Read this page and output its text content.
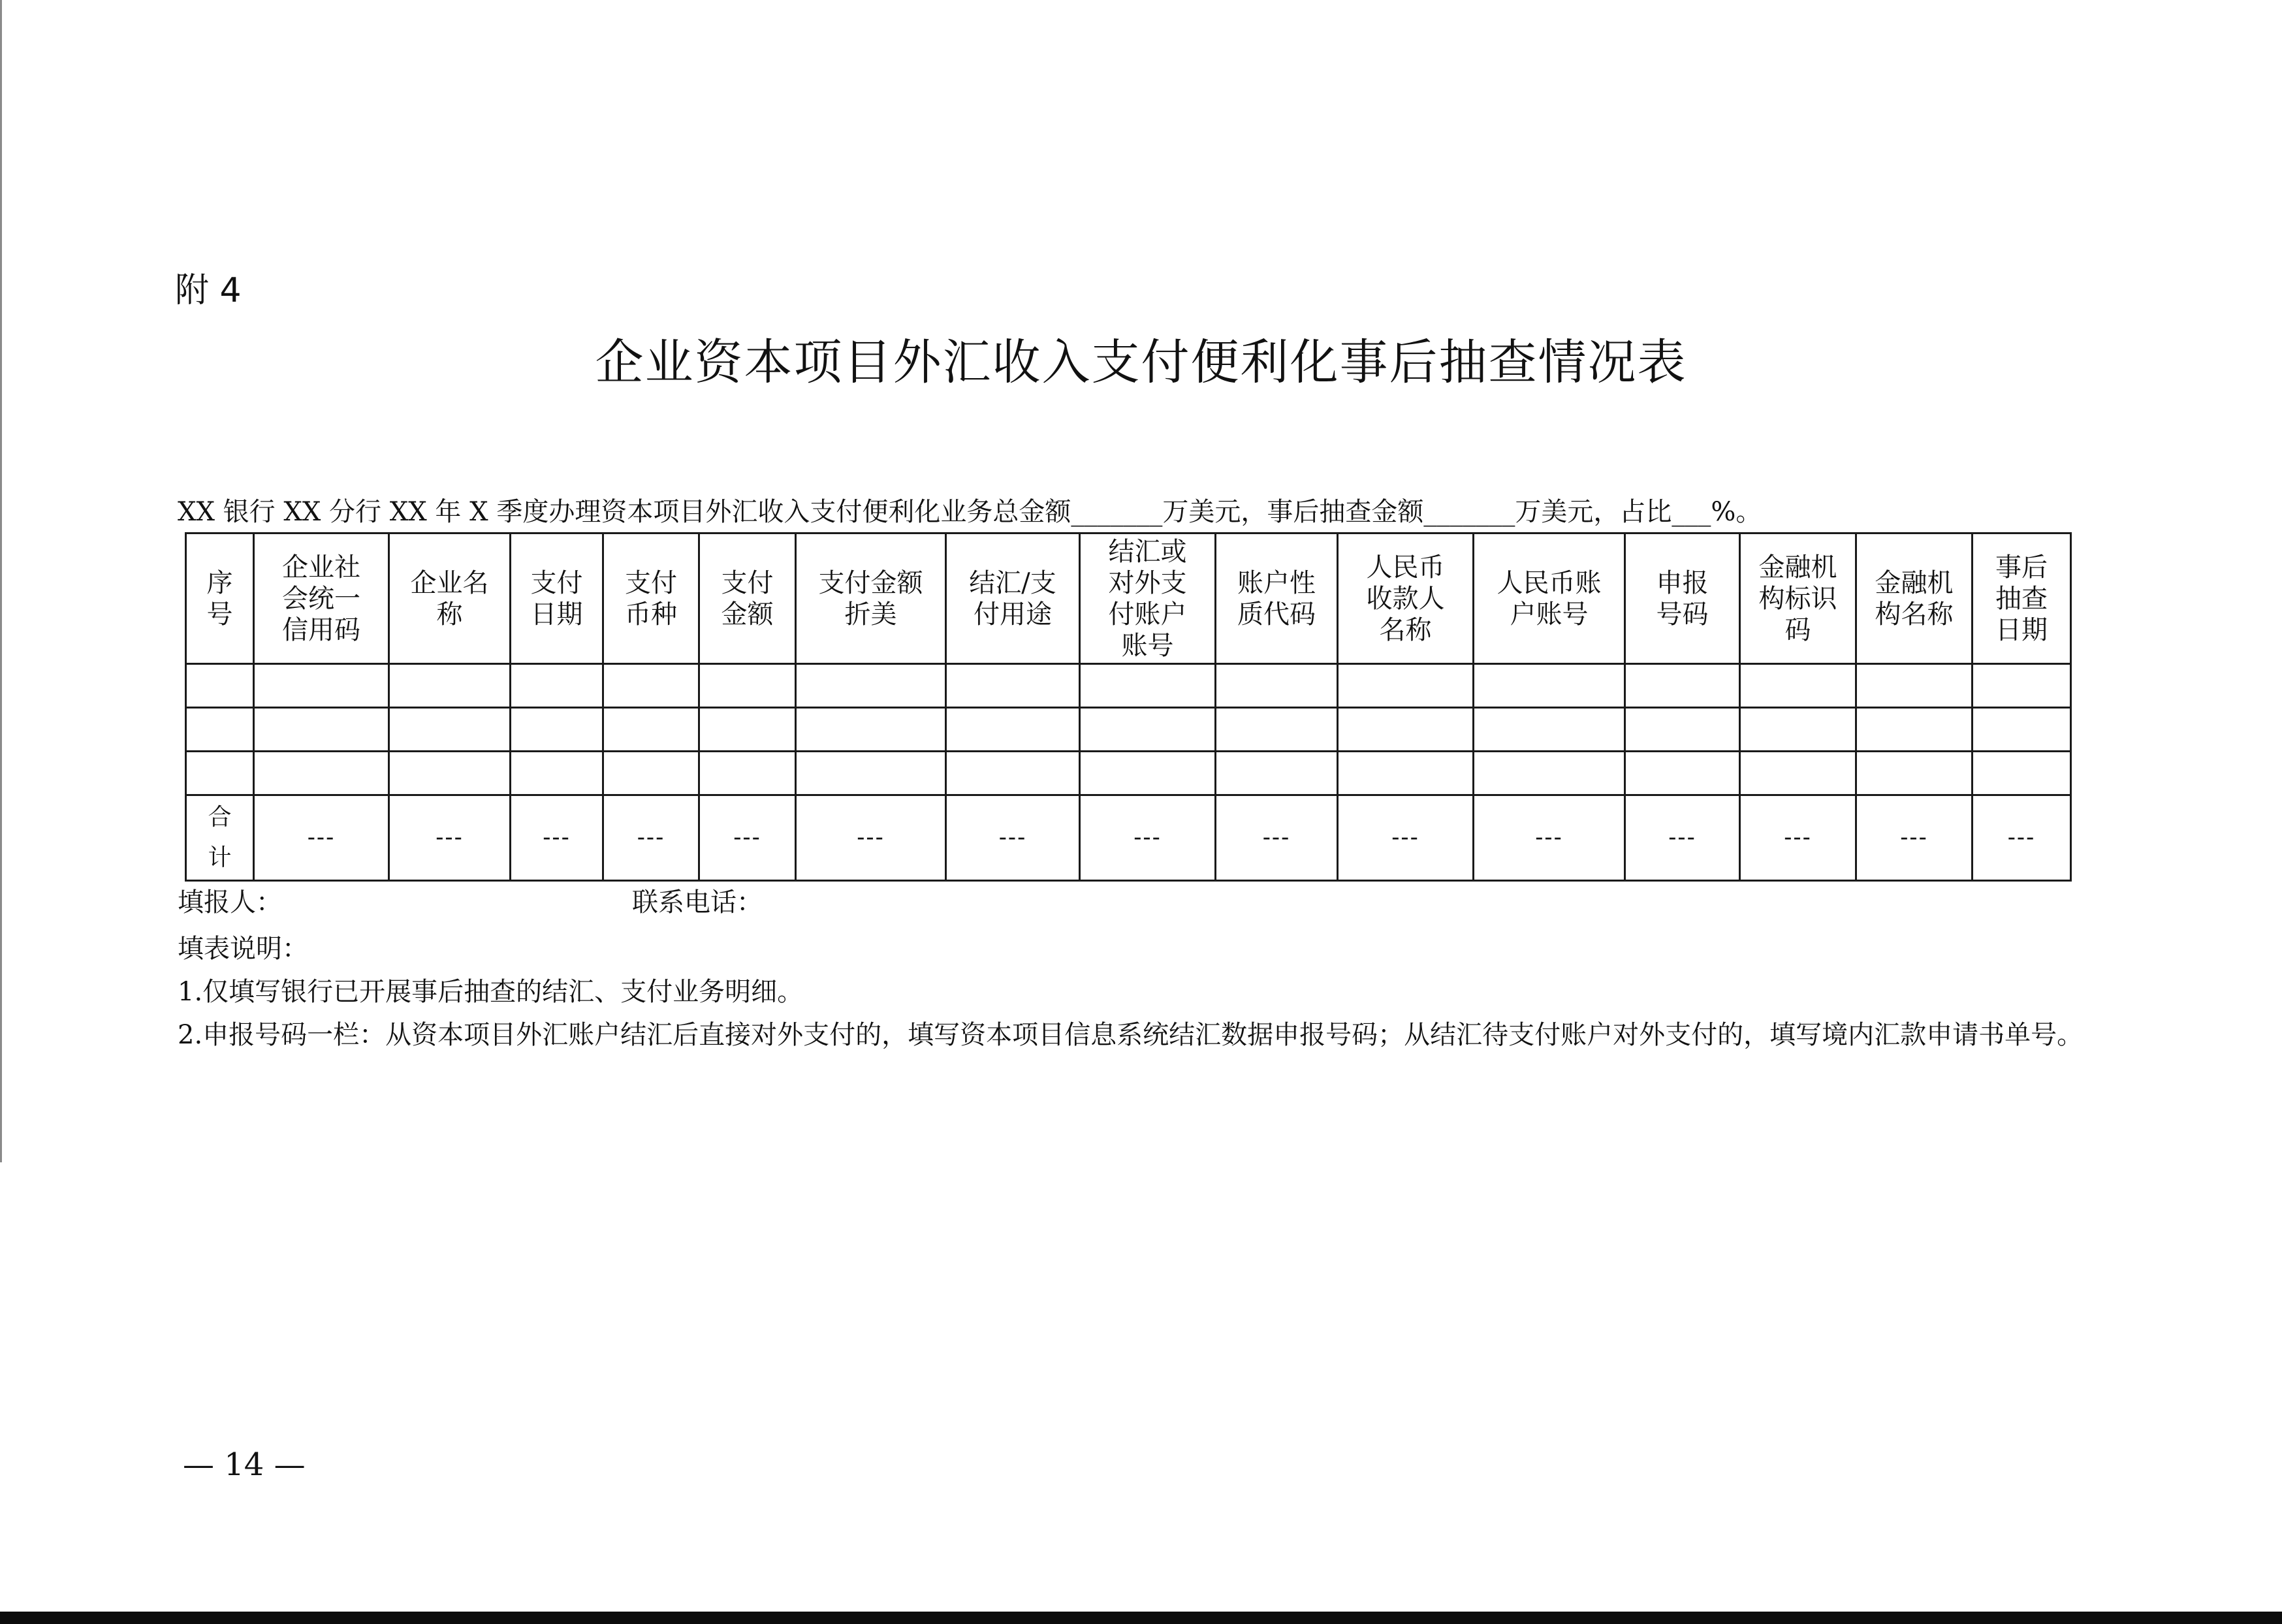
附 4
企业资本项目外汇收入支付便利化事后抽查情况表
XX 银行 XX 分行 XX 年 X 季度办理资本项目外汇收入支付便利化业务总金额_______万美元，事后抽查金额_______万美元，占比___%。
序号	企业社会统一信用码	企业名称	支付日期	支付币种	支付金额	支付金额折美	结汇/支付用途	结汇或对外支付账户账号	账户性质代码	人民币收款人名称	人民币账户账号	申报号码	金融机构标识码	金融机构名称	事后抽查日期

合计	---	---	---	---	---	---	---	---	---	---	---	---	---	---	---
填报人：	联系电话：

填表说明：

1.仅填写银行已开展事后抽查的结汇、支付业务明细。

2.申报号码一栏：从资本项目外汇账户结汇后直接对外支付的，填写资本项目信息系统结汇数据申报号码；从结汇待支付账户对外支付的，填写境内汇款申请书单号。

— 14 —
